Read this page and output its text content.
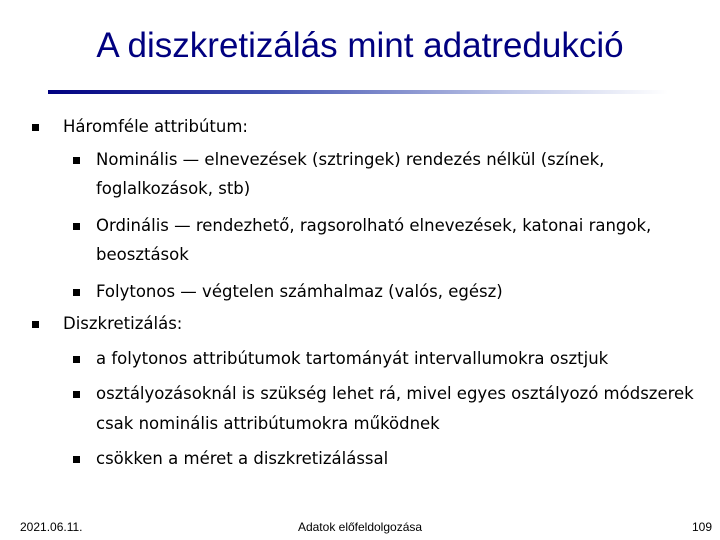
A diszkretizálás mint adatredukció
Háromféle attribútum:
Nominális — elnevezések (sztringek) rendezés nélkül (színek,
foglalkozások, stb)
Ordinális — rendezhető, ragsorolható elnevezések, katonai rangok,
beosztások
Folytonos — végtelen számhalmaz (valós, egész)
Diszkretizálás:
a folytonos attribútumok tartományát intervallumokra osztjuk
osztályozásoknál is szükség lehet rá, mivel egyes osztályozó módszerek
csak nominális attribútumokra működnek
csökken a méret a diszkretizálással
2021.06.11.	Adatok előfeldolgozása	109
